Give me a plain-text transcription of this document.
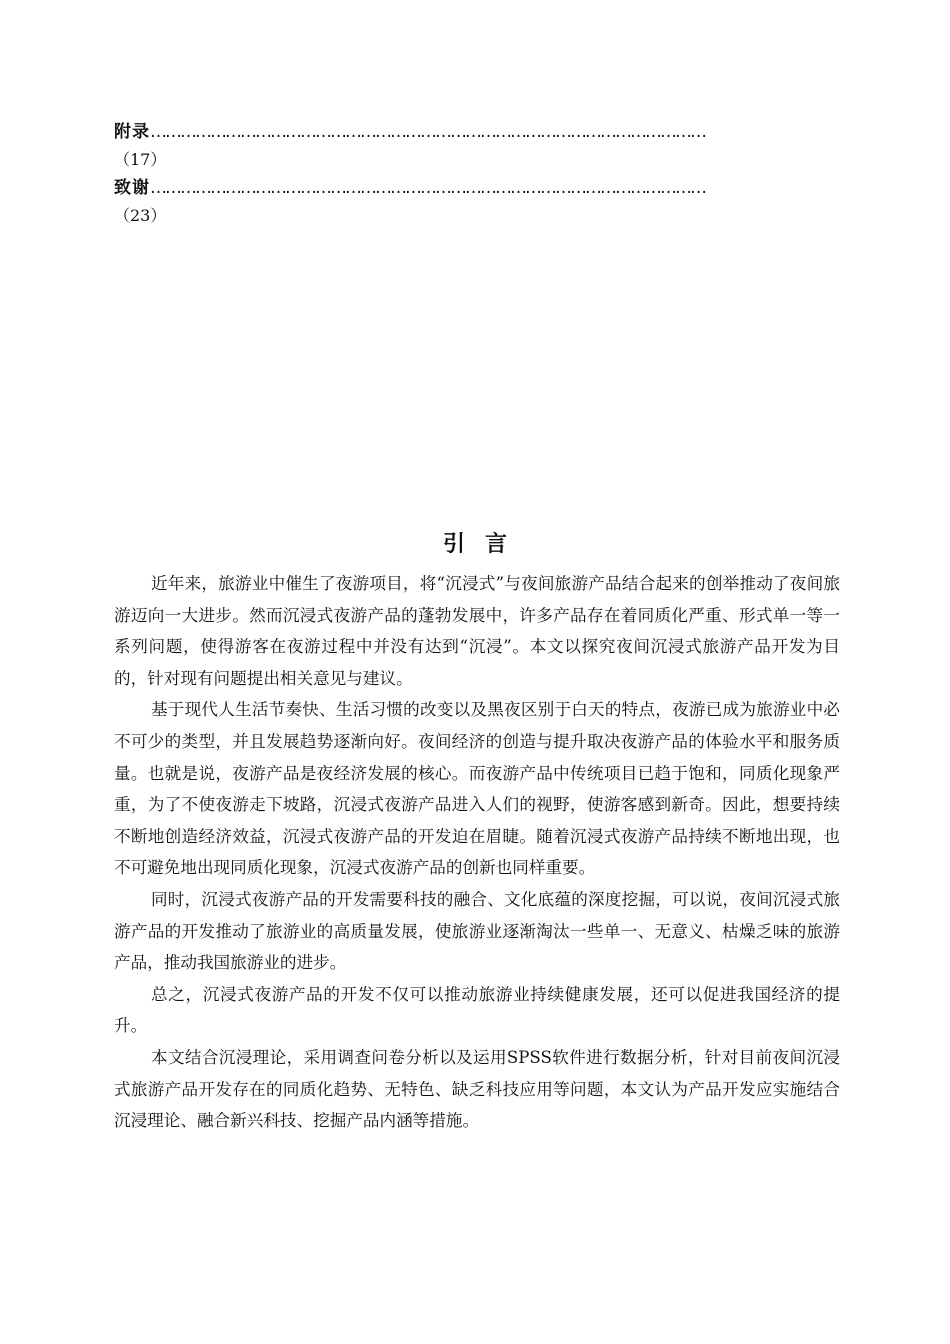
附录…………………………………………………………………………………………………
（17）
致谢…………………………………………………………………………………………………
（23）
引言

近年来，旅游业中催生了夜游项目，将“沉浸式”与夜间旅游产品结合起来的创举推动了夜间旅游迈向一大进步。然而沉浸式夜游产品的蓬勃发展中，许多产品存在着同质化严重、形式单一等一系列问题，使得游客在夜游过程中并没有达到“沉浸”。本文以探究夜间沉浸式旅游产品开发为目的，针对现有问题提出相关意见与建议。

基于现代人生活节奏快、生活习惯的改变以及黑夜区别于白天的特点，夜游已成为旅游业中必不可少的类型，并且发展趋势逐渐向好。夜间经济的创造与提升取决夜游产品的体验水平和服务质量。也就是说，夜游产品是夜经济发展的核心。而夜游产品中传统项目已趋于饱和，同质化现象严重，为了不使夜游走下坡路，沉浸式夜游产品进入人们的视野，使游客感到新奇。因此，想要持续不断地创造经济效益，沉浸式夜游产品的开发迫在眉睫。随着沉浸式夜游产品持续不断地出现，也不可避免地出现同质化现象，沉浸式夜游产品的创新也同样重要。

同时，沉浸式夜游产品的开发需要科技的融合、文化底蕴的深度挖掘，可以说，夜间沉浸式旅游产品的开发推动了旅游业的高质量发展，使旅游业逐渐淘汰一些单一、无意义、枯燥乏味的旅游产品，推动我国旅游业的进步。

总之，沉浸式夜游产品的开发不仅可以推动旅游业持续健康发展，还可以促进我国经济的提升。

本文结合沉浸理论，采用调查问卷分析以及运用SPSS软件进行数据分析，针对目前夜间沉浸式旅游产品开发存在的同质化趋势、无特色、缺乏科技应用等问题，本文认为产品开发应实施结合沉浸理论、融合新兴科技、挖掘产品内涵等措施。
